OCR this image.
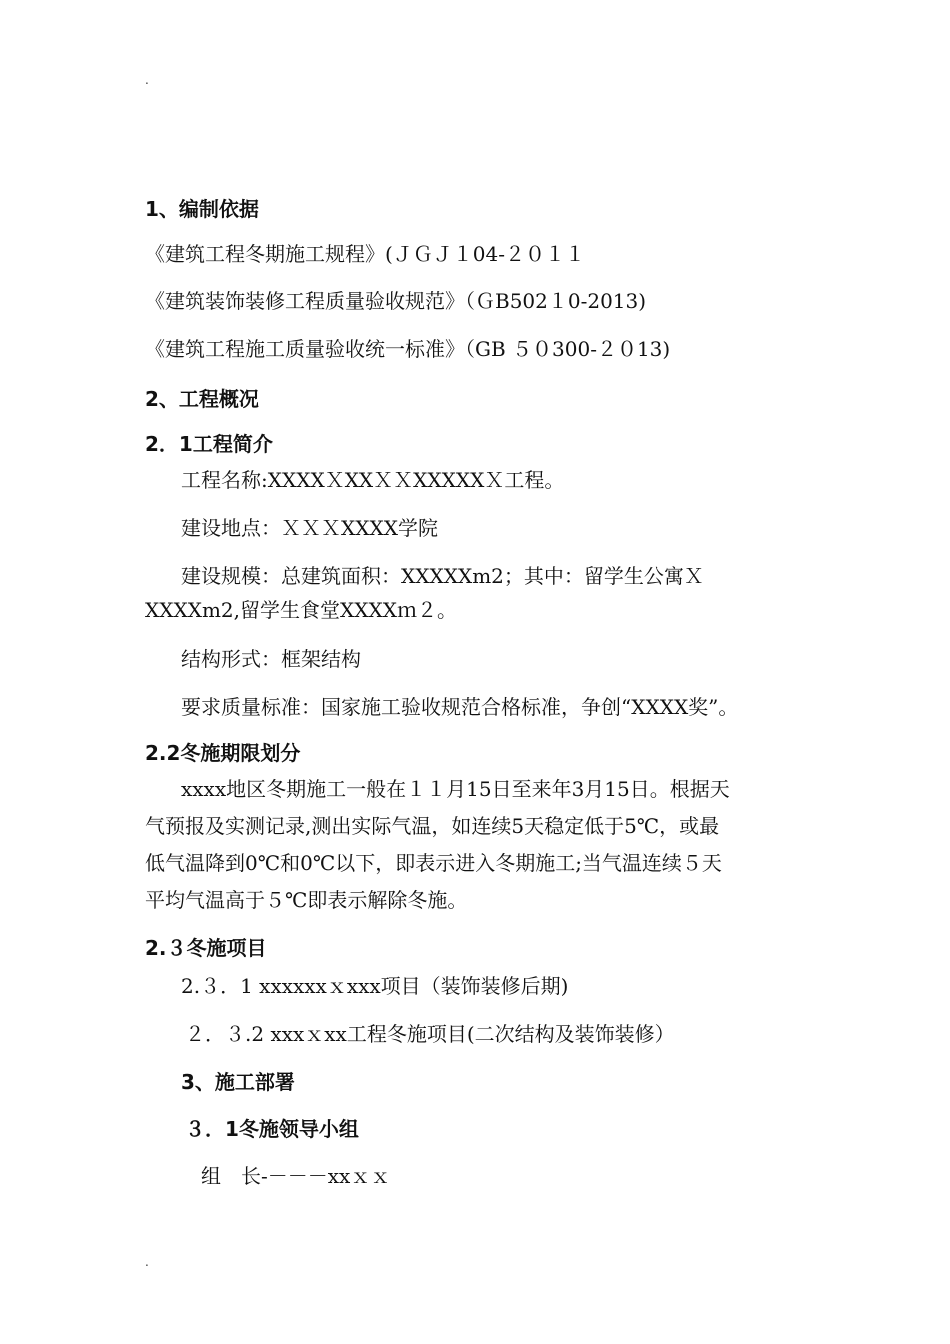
.

1、编制依据

《建筑工程冬期施工规程》(ＪＧＪ１04-２０１１

《建筑装饰装修工程质量验收规范》（ＧB502１0-2013)

《建筑工程施工质量验收统一标准》（GB ５０300-２０13)

2、工程概况

2．1工程简介

工程名称:XXXXＸXXＸＸXXXXXＸ工程。

建设地点：ＸＸＸXXXX学院

建设规模：总建筑面积：XXXXXm2；其中：留学生公寓Ｘ

XXXXm2,留学生食堂XXXXｍ２。

结构形式：框架结构

要求质量标准：国家施工验收规范合格标准，争创“XXXX奖”。

2.2冬施期限划分

xxxx地区冬期施工一般在１１月15日至来年3月15日。根据天

气预报及实测记录,测出实际气温，如连续5天稳定低于5℃，或最

低气温降到0℃和0℃以下，即表示进入冬期施工;当气温连续５天

平均气温高于５℃即表示解除冬施。

2.３冬施项目

2.３．1 xxxxxxｘxxx项目（装饰装修后期)

２．３.2 xxxｘxx工程冬施项目(二次结构及装饰装修）

3、施工部署

３．1冬施领导小组

组　长-－－－xxｘｘ

.
